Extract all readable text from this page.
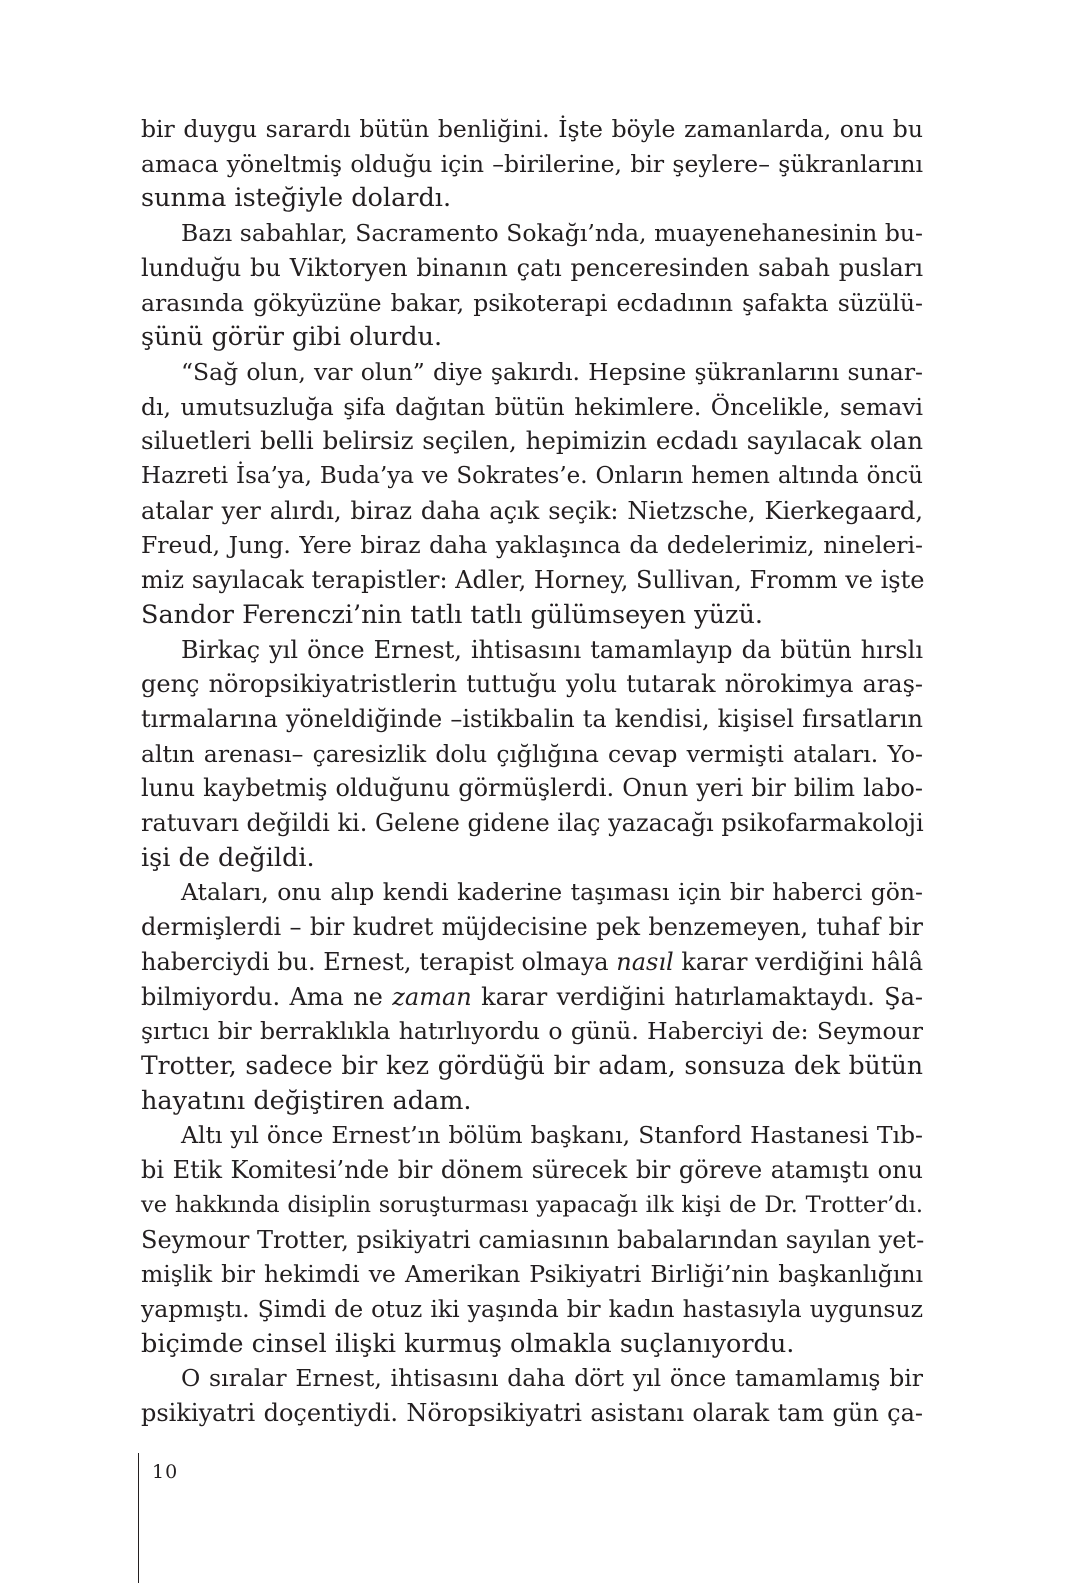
bir duygu sarardı bütün benliğini. İşte böyle zamanlarda, onu bu
amaca yöneltmiş olduğu için –birilerine, bir şeylere– şükranlarını
sunma isteğiyle dolardı.
Bazı sabahlar, Sacramento Sokağı’nda, muayenehanesinin bu-
lunduğu bu Viktoryen binanın çatı penceresinden sabah pusları
arasında gökyüzüne bakar, psikoterapi ecdadının şafakta süzülü-
şünü görür gibi olurdu.
“Sağ olun, var olun” diye şakırdı. Hepsine şükranlarını sunar-
dı, umutsuzluğa şifa dağıtan bütün hekimlere. Öncelikle, semavi
siluetleri belli belirsiz seçilen, hepimizin ecdadı sayılacak olan
Hazreti İsa’ya, Buda’ya ve Sokrates’e. Onların hemen altında öncü
atalar yer alırdı, biraz daha açık seçik: Nietzsche, Kierkegaard,
Freud, Jung. Yere biraz daha yaklaşınca da dedelerimiz, nineleri-
miz sayılacak terapistler: Adler, Horney, Sullivan, Fromm ve işte
Sandor Ferenczi’nin tatlı tatlı gülümseyen yüzü.
Birkaç yıl önce Ernest, ihtisasını tamamlayıp da bütün hırslı
genç nöropsikiyatristlerin tuttuğu yolu tutarak nörokimya araş-
tırmalarına yöneldiğinde –istikbalin ta kendisi, kişisel fırsatların
altın arenası– çaresizlik dolu çığlığına cevap vermişti ataları. Yo-
lunu kaybetmiş olduğunu görmüşlerdi. Onun yeri bir bilim labo-
ratuvarı değildi ki. Gelene gidene ilaç yazacağı psikofarmakoloji
işi de değildi.
Ataları, onu alıp kendi kaderine taşıması için bir haberci gön-
dermişlerdi – bir kudret müjdecisine pek benzemeyen, tuhaf bir
haberciydi bu. Ernest, terapist olmaya nasıl karar verdiğini hâlâ
bilmiyordu. Ama ne zaman karar verdiğini hatırlamaktaydı. Şa-
şırtıcı bir berraklıkla hatırlıyordu o günü. Haberciyi de: Seymour
Trotter, sadece bir kez gördüğü bir adam, sonsuza dek bütün
hayatını değiştiren adam.
Altı yıl önce Ernest’ın bölüm başkanı, Stanford Hastanesi Tıb-
bi Etik Komitesi’nde bir dönem sürecek bir göreve atamıştı onu
ve hakkında disiplin soruşturması yapacağı ilk kişi de Dr. Trotter’dı.
Seymour Trotter, psikiyatri camiasının babalarından sayılan yet-
mişlik bir hekimdi ve Amerikan Psikiyatri Birliği’nin başkanlığını
yapmıştı. Şimdi de otuz iki yaşında bir kadın hastasıyla uygunsuz
biçimde cinsel ilişki kurmuş olmakla suçlanıyordu.
O sıralar Ernest, ihtisasını daha dört yıl önce tamamlamış bir
psikiyatri doçentiydi. Nöropsikiyatri asistanı olarak tam gün ça-
10
